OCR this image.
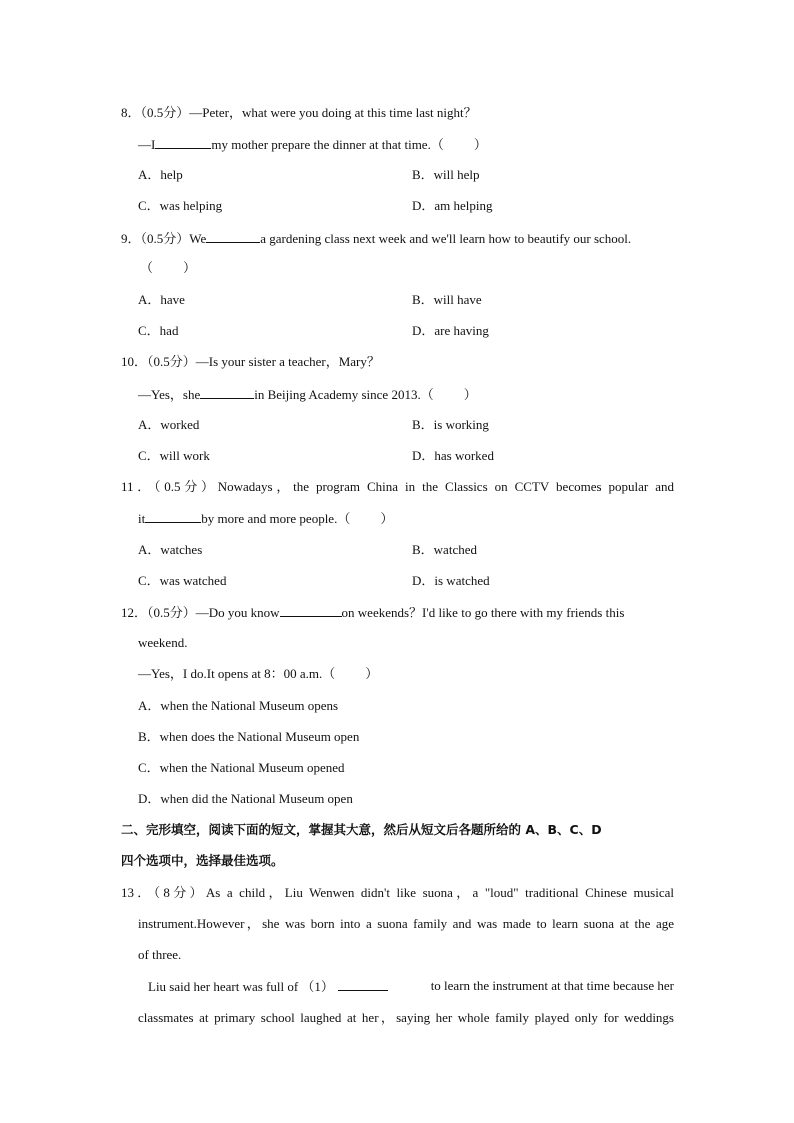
8．（0.5分）—Peter，what were you doing at this time last night？
—I	my mother prepare the dinner at that time.（ ）
A．help	B．will help
C．was helping	D．am helping
9．（0.5分）We	a gardening class next week and we'll learn how to beautify our school.
（ ）
A．have	B．will have
C．had	D．are having
10．（0.5分）—Is your sister a teacher，Mary？
—Yes，she	in Beijing Academy since 2013.（ ）
A．worked	B．is working
C．will work	D．has worked
11．（0.5分）Nowadays，the program China in the Classics on CCTV becomes popular and
it	by more and more people.（ ）
A．watches	B．watched
C．was watched	D．is watched
12．（0.5分）—Do you know	on weekends？I'd like to go there with my friends this
weekend.
—Yes，I do.It opens at 8：00 a.m.（ ）
A．when the National Museum opens
B．when does the National Museum open
C．when the National Museum opened
D．when did the National Museum open
二、完形填空，阅读下面的短文，掌握其大意，然后从短文后各题所给的 A、B、C、D
四个选项中，选择最佳选项。
13．（8分）As a child，Liu Wenwen didn't like suona，a "loud" traditional Chinese musical
instrument.However，she was born into a suona family and was made to learn suona at the age
of three.
Liu said her heart was full of （1）	to learn the instrument at that time because her
classmates at primary school laughed at her，saying her whole family played only for weddings
